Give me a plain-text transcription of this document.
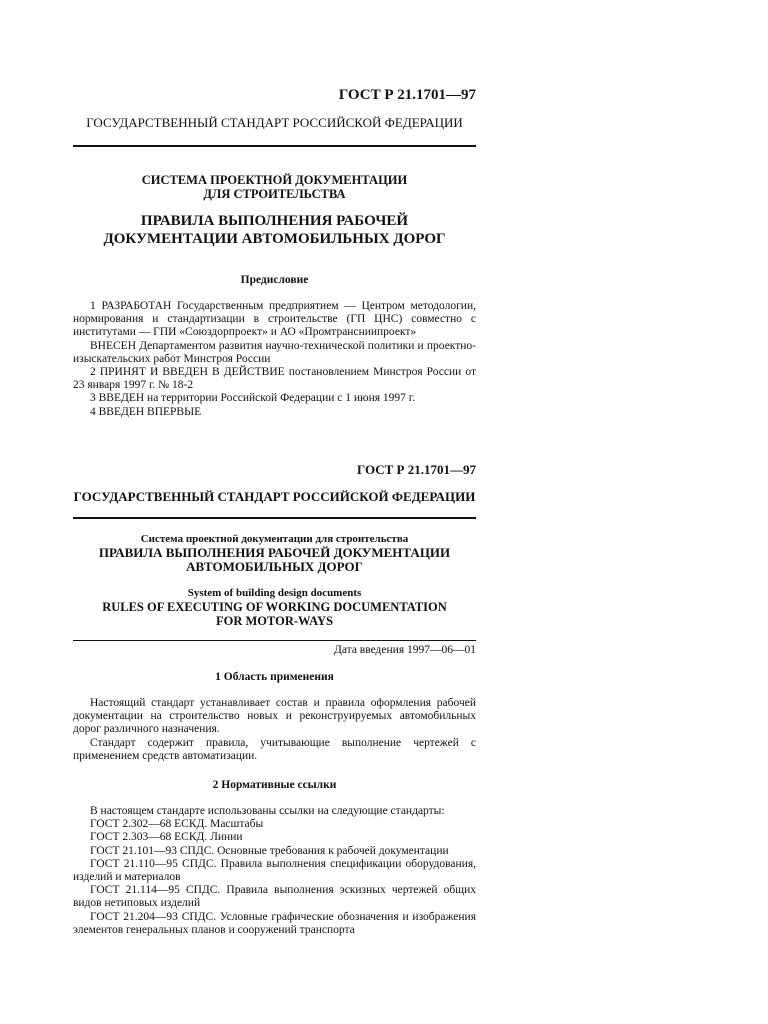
ГОСТ Р 21.1701—97
ГОСУДАРСТВЕННЫЙ СТАНДАРТ РОССИЙСКОЙ ФЕДЕРАЦИИ
СИСТЕМА ПРОЕКТНОЙ ДОКУМЕНТАЦИИ
ДЛЯ СТРОИТЕЛЬСТВА
ПРАВИЛА ВЫПОЛНЕНИЯ РАБОЧЕЙ
ДОКУМЕНТАЦИИ АВТОМОБИЛЬНЫХ ДОРОГ
Предисловие

1 РАЗРАБОТАН Государственным предприятием — Центром методологии, нормирования и стандартизации в строительстве (ГП ЦНС) совместно с институтами — ГПИ «Союздорпроект» и АО «Промтрансниипроект»

ВНЕСЕН Департаментом развития научно-технической политики и проектно-изыскательских работ Минстроя России

2 ПРИНЯТ И ВВЕДЕН В ДЕЙСТВИЕ постановлением Минстроя России от 23 января 1997 г. № 18-2

3 ВВЕДЕН на территории Российской Федерации с 1 июня 1997 г.

4 ВВЕДЕН ВПЕРВЫЕ

ГОСТ Р 21.1701—97
ГОСУДАРСТВЕННЫЙ СТАНДАРТ РОССИЙСКОЙ ФЕДЕРАЦИИ
Система проектной документации для строительства
ПРАВИЛА ВЫПОЛНЕНИЯ РАБОЧЕЙ ДОКУМЕНТАЦИИ
АВТОМОБИЛЬНЫХ ДОРОГ
System of building design documents
RULES OF EXECUTING OF WORKING DOCUMENTATION
FOR MOTOR-WAYS
Дата введения 1997—06—01
1 Область применения

Настоящий стандарт устанавливает состав и правила оформления рабочей документации на строительство новых и реконструируемых автомобильных дорог различного назначения.

Стандарт содержит правила, учитывающие выполнение чертежей с применением средств автоматизации.

2 Нормативные ссылки

В настоящем стандарте использованы ссылки на следующие стандарты:

ГОСТ 2.302—68 ЕСКД. Масштабы

ГОСТ 2.303—68 ЕСКД. Линии

ГОСТ 21.101—93 СПДС. Основные требования к рабочей документации

ГОСТ 21.110—95 СПДС. Правила выполнения спецификации оборудования, изделий и материалов

ГОСТ 21.114—95 СПДС. Правила выполнения эскизных чертежей общих видов нетиповых изделий

ГОСТ 21.204—93 СПДС. Условные графические обозначения и изображения элементов генеральных планов и сооружений транспорта
